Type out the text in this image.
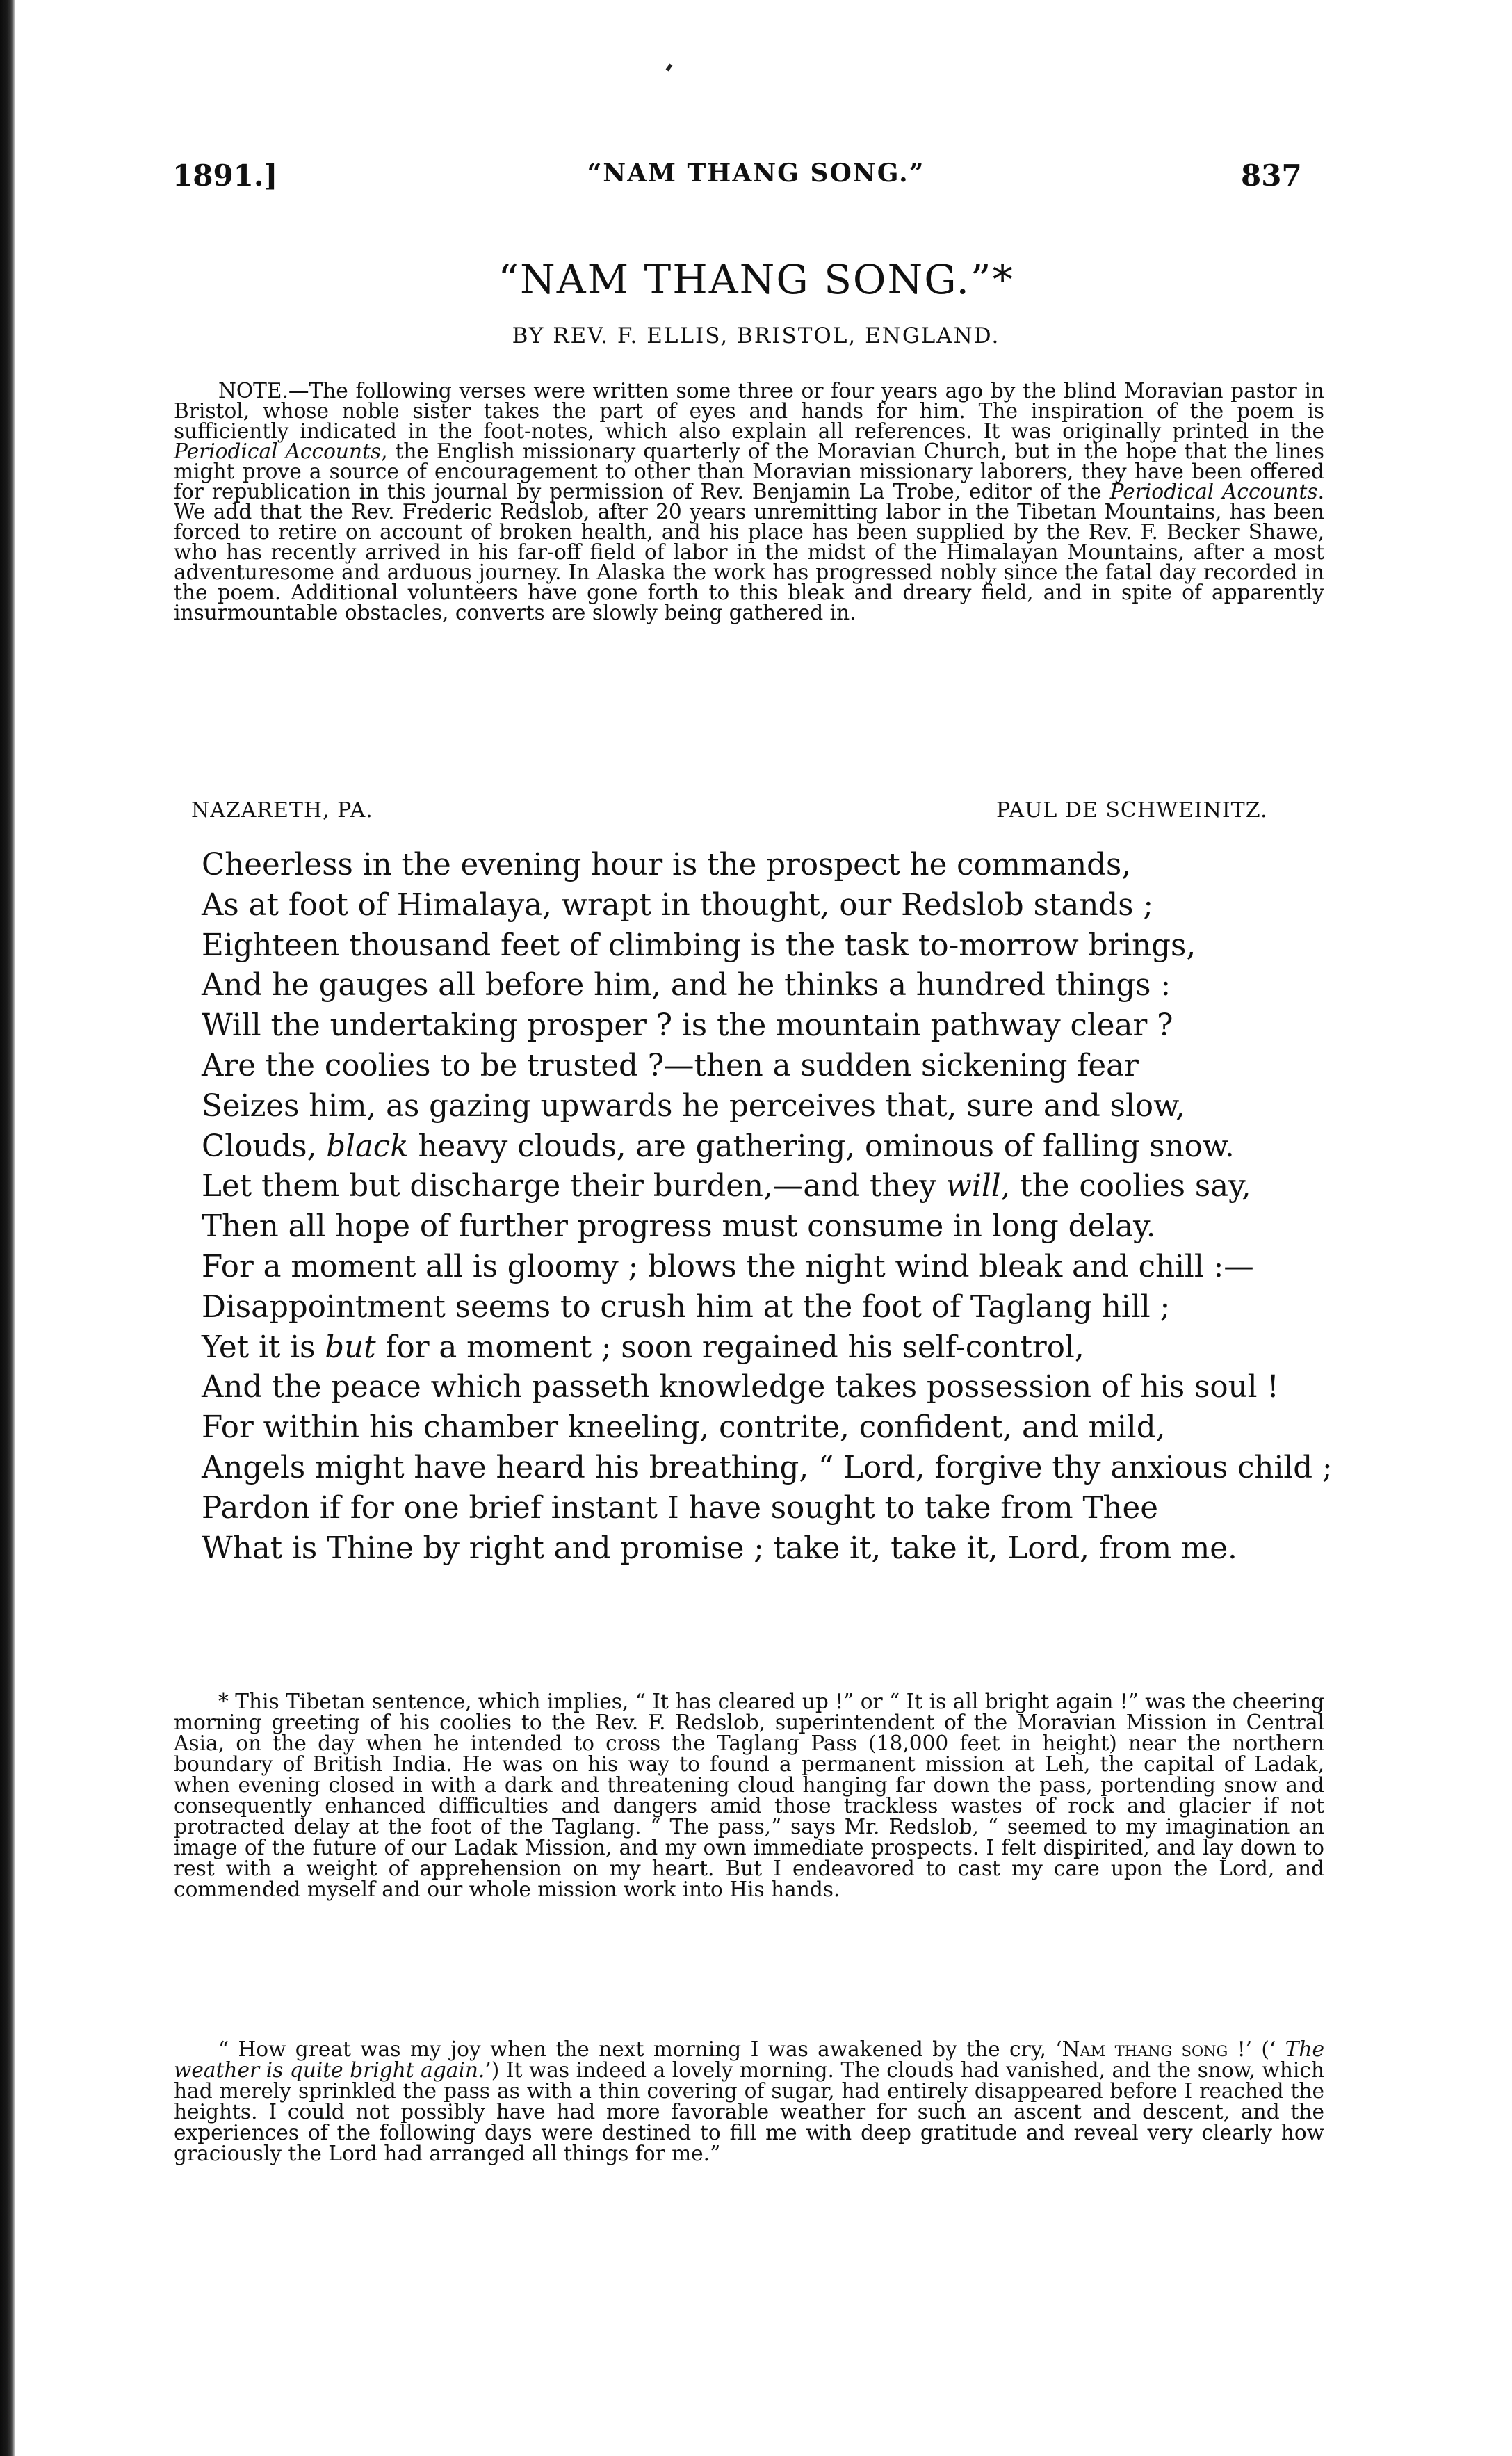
1891.]	“NAM THANG SONG.”	837

“NAM THANG SONG.”*

BY REV. F. ELLIS, BRISTOL, ENGLAND.

NOTE.—The following verses were written some three or four years ago by the blind Moravian pastor in Bristol, whose noble sister takes the part of eyes and hands for him. The inspiration of the poem is sufficiently indicated in the foot-notes, which also explain all references. It was originally printed in the Periodical Accounts, the English missionary quarterly of the Moravian Church, but in the hope that the lines might prove a source of encouragement to other than Moravian missionary laborers, they have been offered for republication in this journal by permission of Rev. Benjamin La Trobe, editor of the Periodical Accounts. We add that the Rev. Frederic Redslob, after 20 years unremitting labor in the Tibetan Mountains, has been forced to retire on account of broken health, and his place has been supplied by the Rev. F. Becker Shawe, who has recently arrived in his far-off field of labor in the midst of the Himalayan Mountains, after a most adventuresome and arduous journey. In Alaska the work has progressed nobly since the fatal day recorded in the poem. Additional volunteers have gone forth to this bleak and dreary field, and in spite of apparently insurmountable obstacles, converts are slowly being gathered in.

NAZARETH, PA.	PAUL DE SCHWEINITZ.

Cheerless in the evening hour is the prospect he commands,
As at foot of Himalaya, wrapt in thought, our Redslob stands ;
Eighteen thousand feet of climbing is the task to-morrow brings,
And he gauges all before him, and he thinks a hundred things :
Will the undertaking prosper ? is the mountain pathway clear ?
Are the coolies to be trusted ?—then a sudden sickening fear
Seizes him, as gazing upwards he perceives that, sure and slow,
Clouds, black heavy clouds, are gathering, ominous of falling snow.
Let them but discharge their burden,—and they will, the coolies say,
Then all hope of further progress must consume in long delay.
For a moment all is gloomy ; blows the night wind bleak and chill :—
Disappointment seems to crush him at the foot of Taglang hill ;
Yet it is but for a moment ; soon regained his self-control,
And the peace which passeth knowledge takes possession of his soul !
For within his chamber kneeling, contrite, confident, and mild,
Angels might have heard his breathing, “ Lord, forgive thy anxious child ;
Pardon if for one brief instant I have sought to take from Thee
What is Thine by right and promise ; take it, take it, Lord, from me.

* This Tibetan sentence, which implies, “ It has cleared up !” or “ It is all bright again !” was the cheering morning greeting of his coolies to the Rev. F. Redslob, superintendent of the Moravian Mission in Central Asia, on the day when he intended to cross the Taglang Pass (18,000 feet in height) near the northern boundary of British India. He was on his way to found a permanent mission at Leh, the capital of Ladak, when evening closed in with a dark and threatening cloud hanging far down the pass, portending snow and consequently enhanced difficulties and dangers amid those trackless wastes of rock and glacier if not protracted delay at the foot of the Taglang. “ The pass,” says Mr. Redslob, “ seemed to my imagination an image of the future of our Ladak Mission, and my own immediate prospects. I felt dispirited, and lay down to rest with a weight of apprehension on my heart. But I endeavored to cast my care upon the Lord, and commended myself and our whole mission work into His hands.

“ How great was my joy when the next morning I was awakened by the cry, ‘Nam thang song !’ (‘ The weather is quite bright again.’) It was indeed a lovely morning. The clouds had vanished, and the snow, which had merely sprinkled the pass as with a thin covering of sugar, had entirely disappeared before I reached the heights. I could not possibly have had more favorable weather for such an ascent and descent, and the experiences of the following days were destined to fill me with deep gratitude and reveal very clearly how graciously the Lord had arranged all things for me.”
